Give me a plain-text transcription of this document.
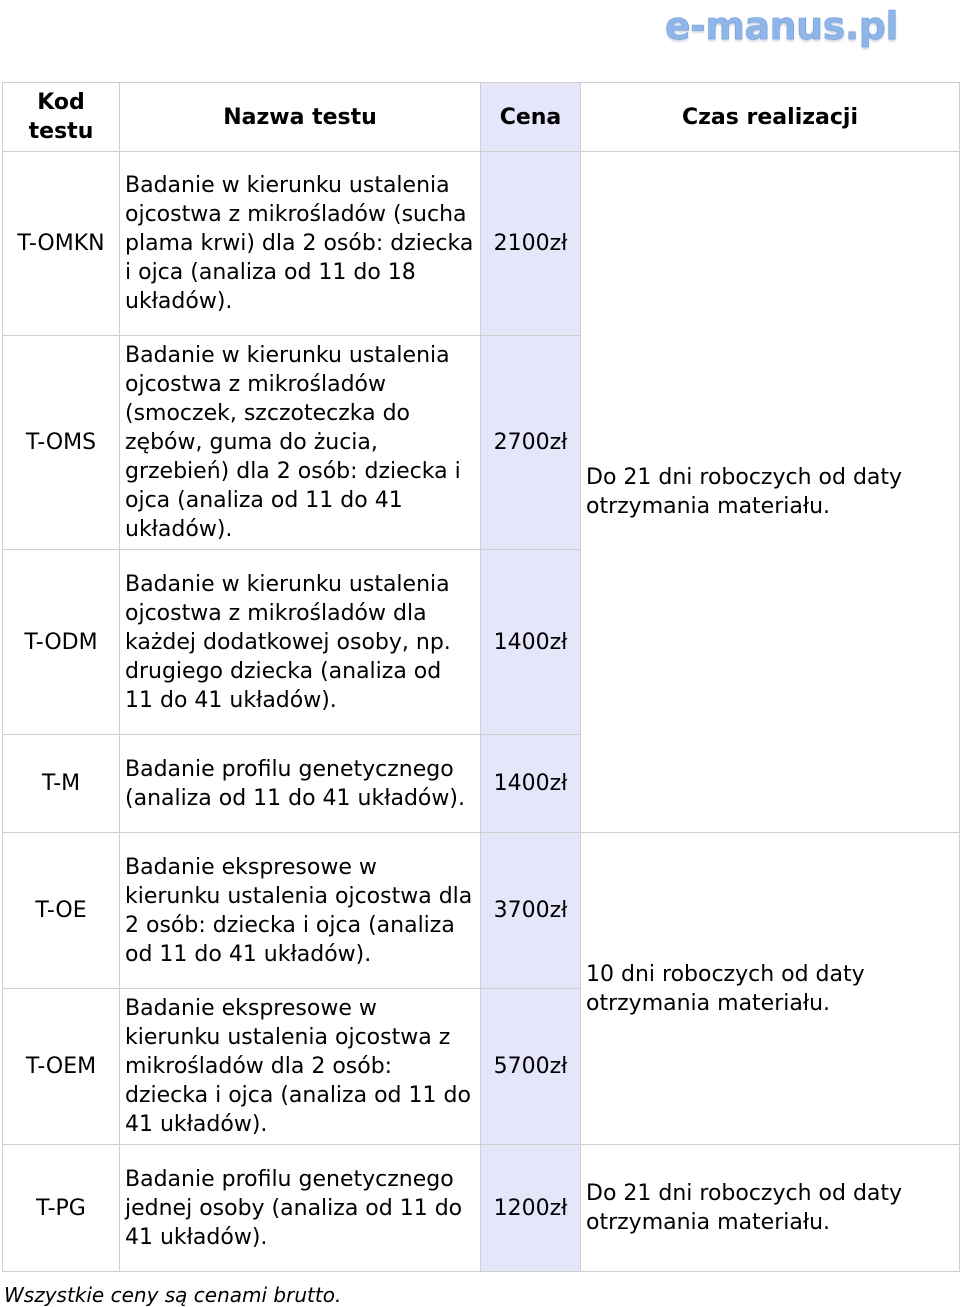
e-manus.pl
Kod testu	Nazwa testu	Cena	Czas realizacji
T-OMKN	Badanie w kierunku ustalenia ojcostwa z mikrośladów (sucha plama krwi) dla 2 osób: dziecka i ojca (analiza od 11 do 18 układów).	2100zł	Do 21 dni roboczych od daty otrzymania materiału.
T-OMS	Badanie w kierunku ustalenia ojcostwa z mikrośladów (smoczek, szczoteczka do zębów, guma do żucia, grzebień) dla 2 osób: dziecka i ojca (analiza od 11 do 41 układów).	2700zł	
T-ODM	Badanie w kierunku ustalenia ojcostwa z mikrośladów dla każdej dodatkowej osoby, np. drugiego dziecka (analiza od 11 do 41 układów).	1400zł	
T-M	Badanie profilu genetycznego (analiza od 11 do 41 układów).	1400zł	
T-OE	Badanie ekspresowe w kierunku ustalenia ojcostwa dla 2 osób: dziecka i ojca (analiza od 11 do 41 układów).	3700zł	10 dni roboczych od daty otrzymania materiału.
T-OEM	Badanie ekspresowe w kierunku ustalenia ojcostwa z mikrośladów dla 2 osób: dziecka i ojca (analiza od 11 do 41 układów).	5700zł	
T-PG	Badanie profilu genetycznego jednej osoby (analiza od 11 do 41 układów).	1200zł	Do 21 dni roboczych od daty otrzymania materiału.
Wszystkie ceny są cenami brutto.
